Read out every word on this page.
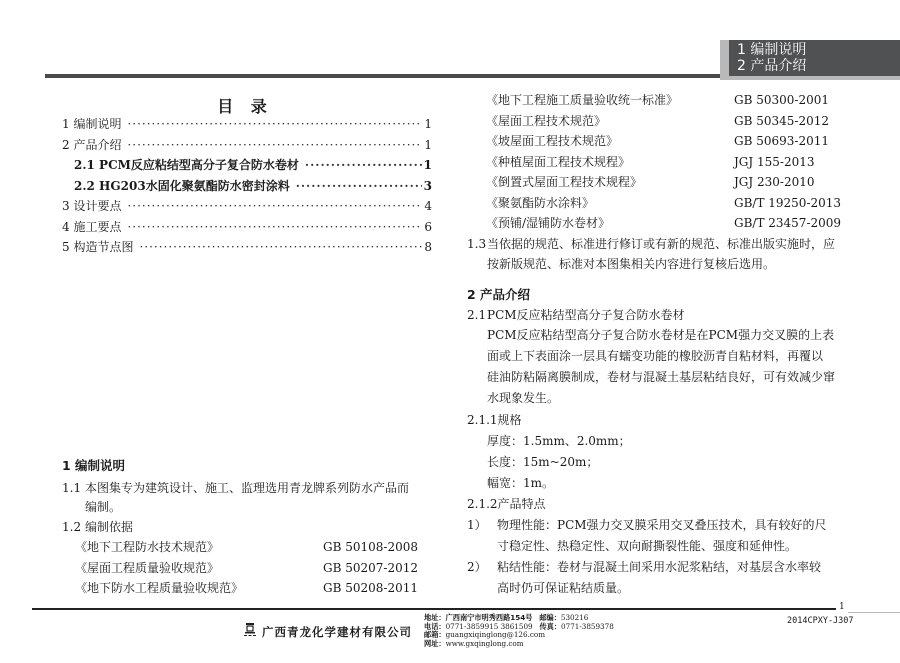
1 编制说明
2 产品介绍
目 录
1 编制说明 ·····	1
2 产品介绍 ·····	1
2.1 PCM反应粘结型高分子复合防水卷材 ·····	1
2.2 HG203水固化聚氨酯防水密封涂料 ·····	3
3 设计要点 ·····	4
4 施工要点 ·····	6
5 构造节点图 ·····	8
1 编制说明
1.1 本图集专为建筑设计、施工、监理选用青龙牌系列防水产品而
编制。
1.2 编制依据
《地下工程防水技术规范》	GB 50108-2008
《屋面工程质量验收规范》	GB 50207-2012
《地下防水工程质量验收规范》	GB 50208-2011
《地下工程施工质量验收统一标准》	GB 50300-2001
《屋面工程技术规范》	GB 50345-2012
《坡屋面工程技术规范》	GB 50693-2011
《种植屋面工程技术规程》	JGJ 155-2013
《倒置式屋面工程技术规程》	JGJ 230-2010
《聚氨酯防水涂料》	GB/T 19250-2013
《预铺/湿铺防水卷材》	GB/T 23457-2009
1.3 当依据的规范、标准进行修订或有新的规范、标准出版实施时，应
按新版规范、标准对本图集相关内容进行复核后选用。
2 产品介绍
2.1 PCM反应粘结型高分子复合防水卷材
PCM反应粘结型高分子复合防水卷材是在PCM强力交叉膜的上表
面或上下表面涂一层具有蠕变功能的橡胶沥青自粘材料，再覆以
硅油防粘隔离膜制成，卷材与混凝土基层粘结良好，可有效减少窜
水现象发生。
2.1.1规格
厚度：1.5mm、2.0mm；
长度：15m~20m；
幅宽：1m。
2.1.2产品特点
1） 物理性能：PCM强力交叉膜采用交叉叠压技术，具有较好的尺
寸稳定性、热稳定性、双向耐撕裂性能、强度和延伸性。
2） 粘结性能：卷材与混凝土间采用水泥浆粘结，对基层含水率较
高时仍可保证粘结质量。
1
2014CPXY-J307
广西青龙化学建材有限公司
地址：广西南宁市明秀西路154号 邮编：530216
电话：0771-3859915 3861509 传真：0771-3859378
邮箱：guangxiqinglong@126.com
网址：www.gxqinglong.com
